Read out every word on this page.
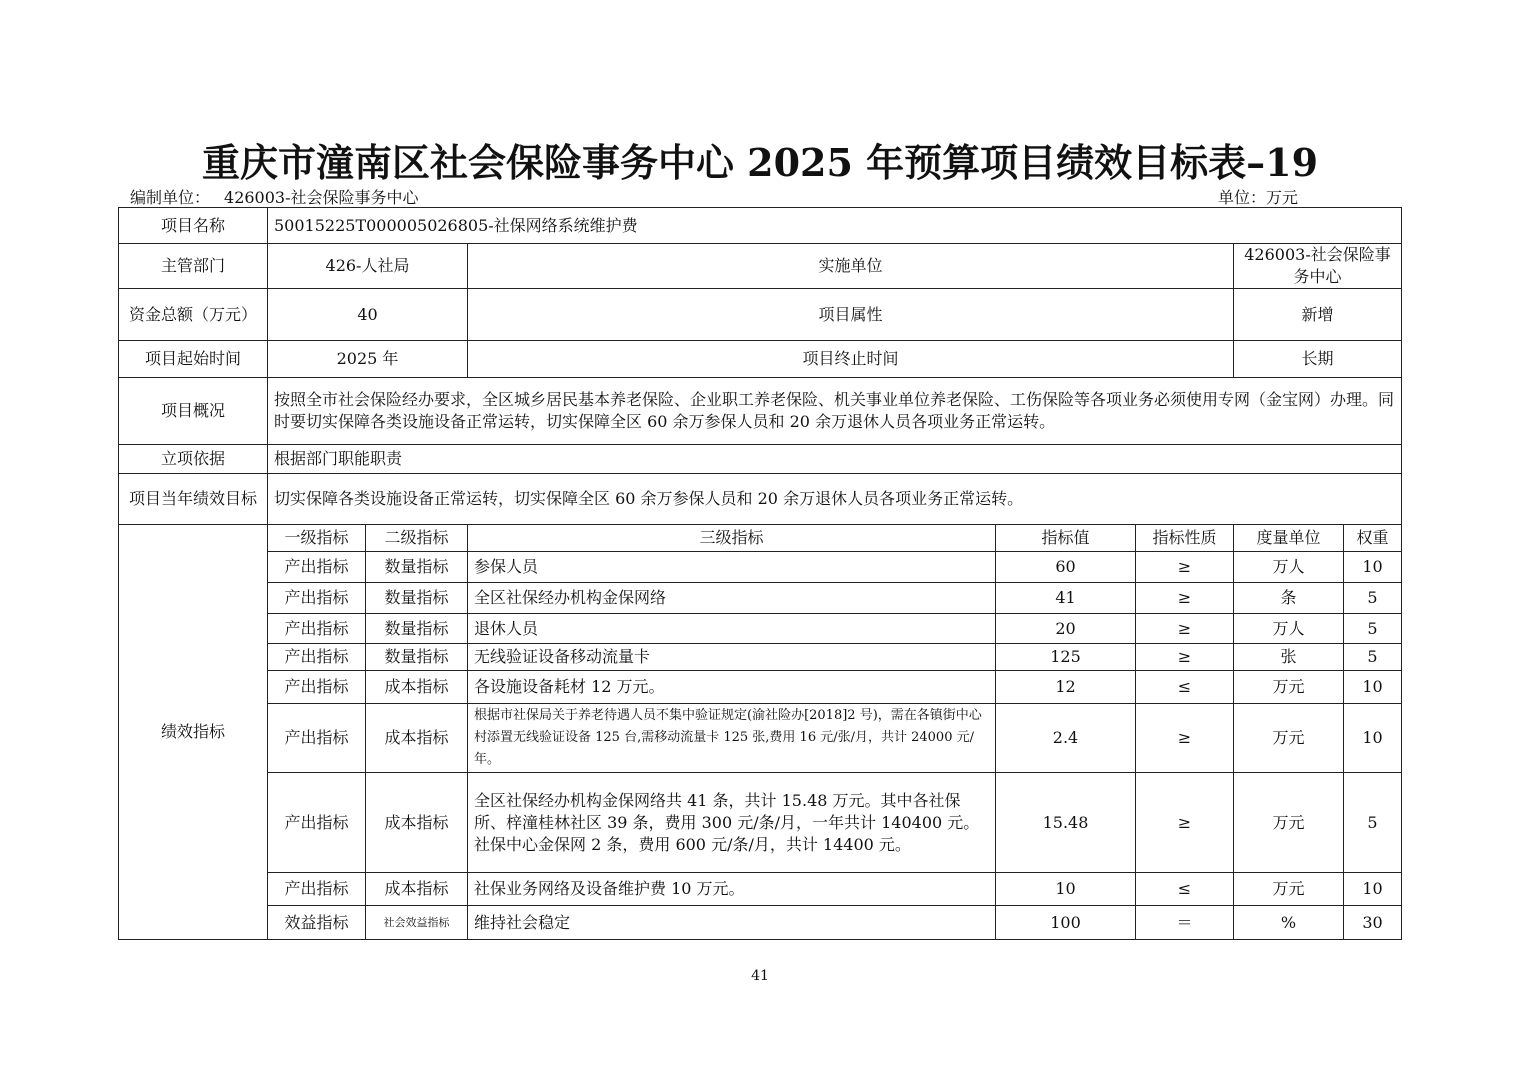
重庆市潼南区社会保险事务中心 2025 年预算项目绩效目标表–19
编制单位： 426003-社会保险事务中心	单位：万元
项目名称	50015225T000005026805-社保网络系统维护费						
主管部门	426-人社局		实施单位			426003-社会保险事务中心	
资金总额（万元）	40		项目属性			新增	
项目起始时间	2025 年		项目终止时间			长期	
项目概况	按照全市社会保险经办要求，全区城乡居民基本养老保险、企业职工养老保险、机关事业单位养老保险、工伤保险等各项业务必须使用专网（金宝网）办理。同时要切实保障各类设施设备正常运转，切实保障全区 60 余万参保人员和 20 余万退休人员各项业务正常运转。						
立项依据	根据部门职能职责						
项目当年绩效目标	切实保障各类设施设备正常运转，切实保障全区 60 余万参保人员和 20 余万退休人员各项业务正常运转。						
绩效指标	一级指标	二级指标	三级指标	指标值	指标性质	度量单位	权重
	产出指标	数量指标	参保人员	60	≥	万人	10
	产出指标	数量指标	全区社保经办机构金保网络	41	≥	条	5
	产出指标	数量指标	退休人员	20	≥	万人	5
	产出指标	数量指标	无线验证设备移动流量卡	125	≥	张	5
	产出指标	成本指标	各设施设备耗材 12 万元。	12	≤	万元	10
	产出指标	成本指标	根据市社保局关于养老待遇人员不集中验证规定(渝社险办[2018]2 号)，需在各镇街中心村添置无线验证设备 125 台,需移动流量卡 125 张,费用 16 元/张/月，共计 24000 元/年。	2.4	≥	万元	10
	产出指标	成本指标	全区社保经办机构金保网络共 41 条，共计 15.48 万元。其中各社保所、梓潼桂林社区 39 条，费用 300 元/条/月，一年共计 140400 元。社保中心金保网 2 条，费用 600 元/条/月，共计 14400 元。	15.48	≥	万元	5
	产出指标	成本指标	社保业务网络及设备维护费 10 万元。	10	≤	万元	10
	效益指标	社会效益指标	维持社会稳定	100	＝	%	30
41
